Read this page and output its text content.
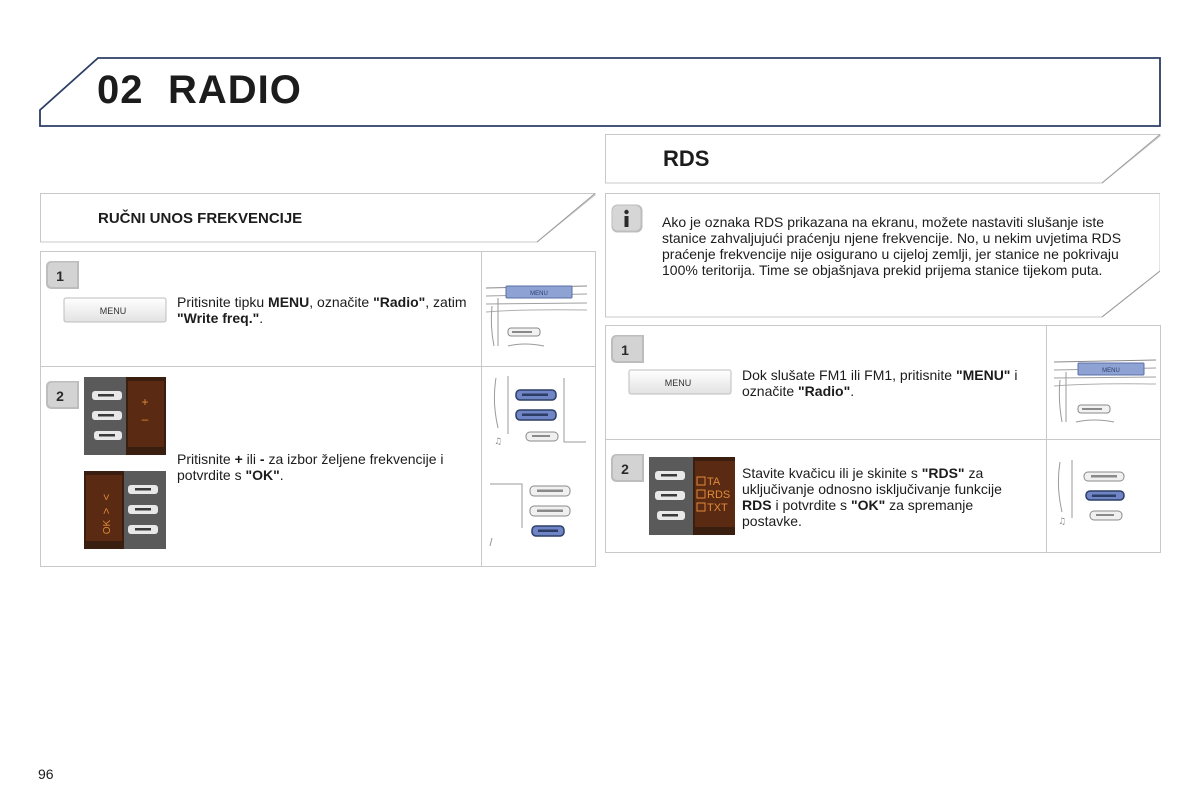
02 RADIO
RUČNI UNOS FREKVENCIJE
RDS
Ako je oznaka RDS prikazana na ekranu, možete nastaviti slušanje iste stanice zahvaljujući praćenju njene frekvencije. No, u nekim uvjetima RDS praćenje frekvencije nije osigurano u cijeloj zemlji, jer stanice ne pokrivaju 100% teritorija. Time se objašnjava prekid prijema stanice tijekom puta.
1
MENU
Pritisnite tipku MENU, označite "Radio", zatim "Write freq.".
MENU
2	+
–
<
>
OK
Pritisnite + ili - za izbor željene frekvencije i potvrdite s "OK".
♫
1
MENU	Dok slušate FM1 ili FM1, pritisnite "MENU" i označite "Radio".
MENU
2
TA
RDS
TXT
Stavite kvačicu ili je skinite s "RDS" za uključivanje odnosno isključivanje funkcije RDS i potvrdite s "OK" za spremanje postavke.	♫
96
